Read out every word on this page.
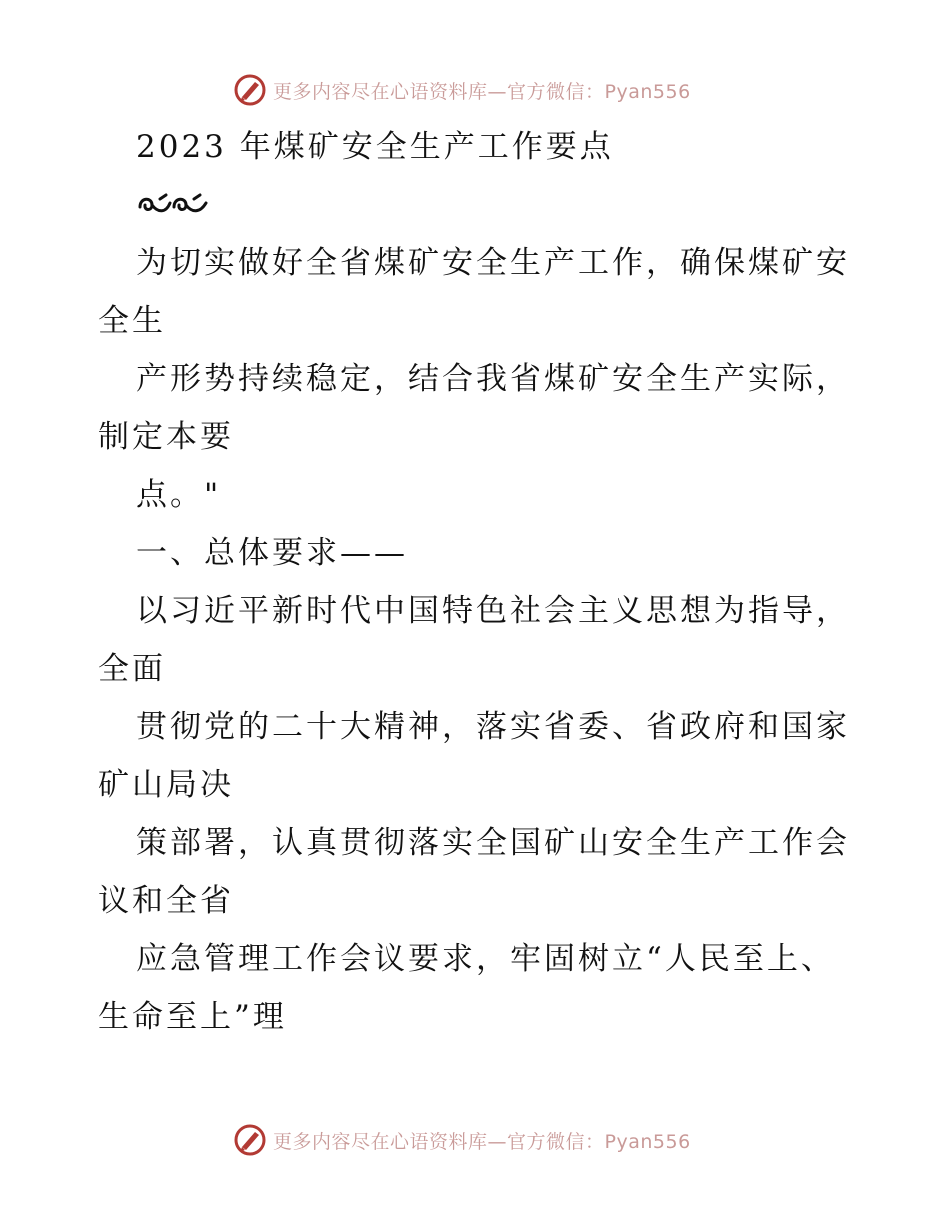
更多内容尽在心语资料库—官方微信：Pyan556
2023 年煤矿安全生产工作要点
为切实做好全省煤矿安全生产工作，确保煤矿安
全生
产形势持续稳定，结合我省煤矿安全生产实际，
制定本要
点。"
一、总体要求——
以习近平新时代中国特色社会主义思想为指导，
全面
贯彻党的二十大精神，落实省委、省政府和国家
矿山局决
策部署，认真贯彻落实全国矿山安全生产工作会
议和全省
应急管理工作会议要求，牢固树立“人民至上、
生命至上”理
更多内容尽在心语资料库—官方微信：Pyan556
